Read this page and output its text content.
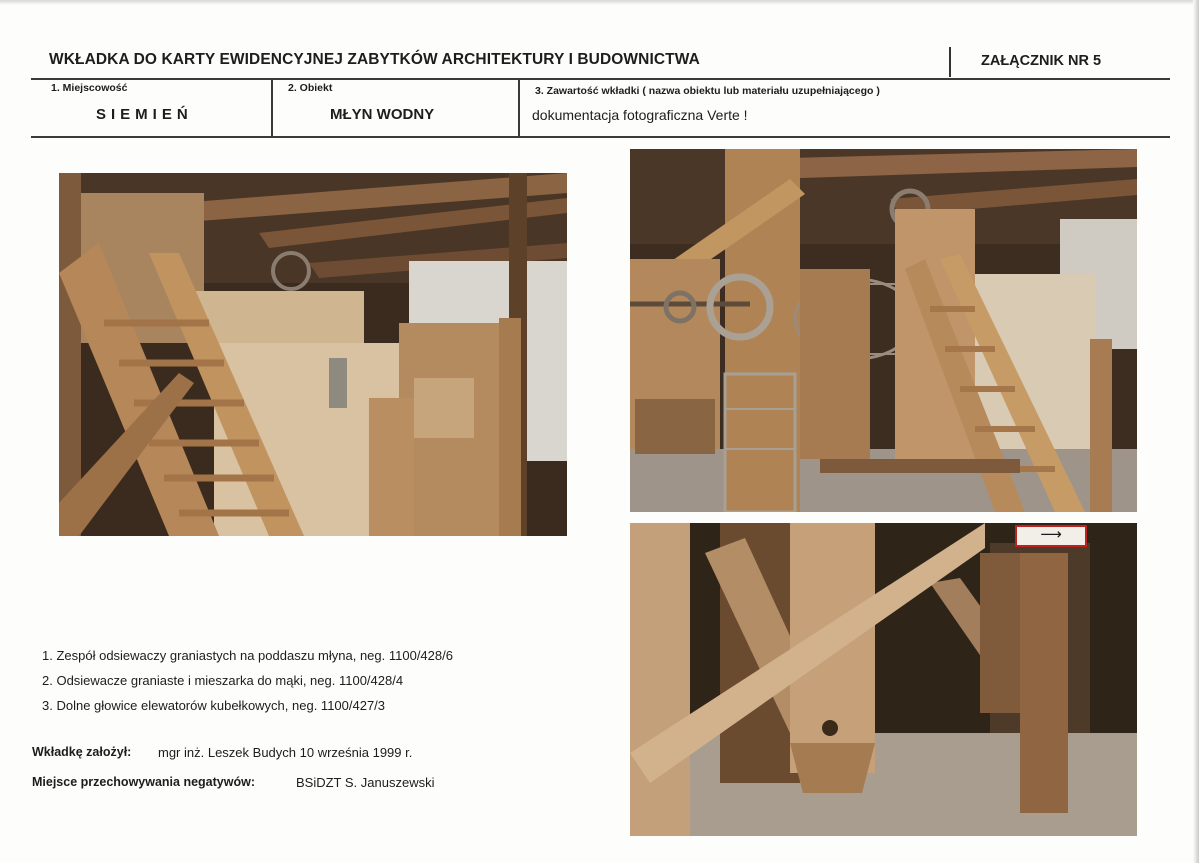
WKŁADKA DO KARTY EWIDENCYJNEJ ZABYTKÓW ARCHITEKTURY I BUDOWNICTWA	ZAŁĄCZNIK NR 5
1. Miejscowość
SIEMIEŃ
2. Obiekt
MŁYN WODNY
3. Zawartość wkładki ( nazwa obiektu lub materiału uzupełniającego )
dokumentacja fotograficzna Verte !
⟶
1. Zespół odsiewaczy graniastych na poddaszu młyna, neg. 1100/428/6
2. Odsiewacze graniaste i mieszarka do mąki, neg. 1100/428/4
3. Dolne głowice elewatorów kubełkowych, neg. 1100/427/3
Wkładkę założył: mgr inż. Leszek Budych 10 września 1999 r.
Miejsce przechowywania negatywów:	BSiDZT S. Januszewski
